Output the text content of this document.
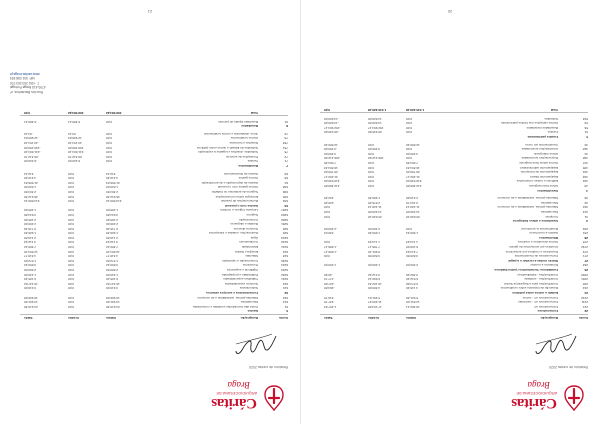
Cáritas
ARQUIDIOCESANA DE
Braga
Relatório de contas 2020
Conta
Designação
Débito
Crédito
Saldo
22
Fornecedores
221
Fornecedores c/c
18 362,41
17 104,88
1 257,53
2211
Fornecedores c/c - nacionais
12 841,05
11 903,27
937,78
2212
Fornecedores c/c - outros
5 521,36
5 201,61
319,75
24
Estado e outros entes públicos
242
Retenção de impostos sobre rendimentos
4 115,20
4 380,00
-264,80
245
Contribuições para a Segurança Social
9 874,66
10 102,34
-227,68
2451
Contribuições - entidade
6 512,40
6 690,12
-177,72
2452
Contribuições - trabalhadores
3 362,26
3 412,22
-49,96
26
Fundadores / beneméritos / patrocinadores
263
Donativos a receber
2 450,00
1 200,00
1 250,00
27
Outras contas a receber e a pagar
271
Fornecedores de investimentos
3 820,50
3 820,50
0,00
272
Devedores e credores por acréscimos
7 214,93
8 901,10
-1 686,17
2722
Credores por acréscimos de gastos
6 100,00
7 786,17
-1 686,17
278
Outros devedores e credores
1 114,93
1 114,93
0,00
28
Diferimentos
281
Gastos a reconhecer
1 980,24
1 650,20
330,04
282
Rendimentos a reconhecer
0,00
2 400,00
-2 400,00
3
Inventários e ativos biológicos
31
Compras
25 640,18
25 640,18
0,00
312
Mercadorias
14 220,05
14 220,05
0,00
316
Matérias-primas, subsidiárias e de consumo
11 420,13
11 420,13
0,00
32
Mercadorias
3 104,70
2 876,45
228,25
36
Matérias-primas, subsidiárias e de consumo
2 210,60
1 988,30
222,30
4
Investimentos
43
Ativos fixos tangíveis
412 360,85
0,00
412 360,85
432
Edifícios e outras construções
318 540,00
0,00
318 540,00
433
Equipamento básico
41 202,17
0,00
41 202,17
434
Equipamento de transporte
28 750,00
0,00
28 750,00
435
Equipamento administrativo
16 804,33
0,00
16 804,33
437
Outros ativos fixos tangíveis
7 064,35
0,00
7 064,35
438
Depreciações acumuladas
0,00
186 412,90
-186 412,90
44
Ativos intangíveis
3 450,00
0,00
3 450,00
448
Amortizações acumuladas
0,00
3 450,00
-3 450,00
45
Investimentos em curso
12 880,40
0,00
12 880,40
5
Fundos patrimoniais
51
Fundos
0,00
98 245,60
-98 245,60
56
Resultados transitados
0,00
152 904,17
-152 904,17
59
Outras variações nos fundos patrimoniais
0,00
14 620,00
-14 620,00
593
Subsídios
0,00
14 620,00
-14 620,00
Total
1 045 220,18
1 045 220,18
0,00
20
Cáritas
ARQUIDIOCESANA DE
Braga
Relatório de contas 2020
Conta
Designação
Débito
Crédito
Saldo
6
Gastos
61
Custo das mercadorias vendidas e consumidas
24 918,38
0,00
24 918,38
612
Mercadorias
13 991,80
0,00
13 991,80
616
Matérias-primas, subsidiárias e de consumo
10 926,58
0,00
10 926,58
62
Fornecimentos e serviços externos
621
Subcontratos
3 210,00
0,00
3 210,00
622
Serviços especializados
18 447,62
0,00
18 447,62
6221
Trabalhos especializados
9 105,40
0,00
9 105,40
6222
Publicidade e propaganda
1 240,00
0,00
1 240,00
6223
Vigilância e segurança
2 880,00
0,00
2 880,00
6224
Honorários
3 650,22
0,00
3 650,22
6226
Conservação e reparação
1 572,00
0,00
1 572,00
623
Materiais
4 318,77
0,00
4 318,77
624
Energia e fluidos
12 604,15
0,00
12 604,15
6241
Eletricidade
7 380,42
0,00
7 380,42
6242
Combustíveis
3 112,93
0,00
3 112,93
6243
Água
2 110,80
0,00
2 110,80
625
Deslocações, estadas e transportes
1 926,30
0,00
1 926,30
626
Serviços diversos
9 715,46
0,00
9 715,46
6261
Rendas e alugueres
2 400,00
0,00
2 400,00
6262
Comunicação
2 185,60
0,00
2 185,60
6263
Seguros
3 644,86
0,00
3 644,86
6267
Limpeza, higiene e conforto
1 485,00
0,00
1 485,00
63
Gastos com o pessoal
632
Remunerações do pessoal
214 880,12
0,00
214 880,12
635
Encargos sobre remunerações
46 912,35
0,00
46 912,35
636
Seguros de acidentes no trabalho
2 304,50
0,00
2 304,50
638
Outros gastos com o pessoal
1 820,00
0,00
1 820,00
64
Gastos de depreciação e de amortização
21 506,84
0,00
21 506,84
68
Outros gastos
4 210,30
0,00
4 210,30
69
Gastos de financiamento
312,44
0,00
312,44
7
Rendimentos
71
Vendas
0,00
6 420,00
-6 420,00
72
Prestações de serviços
0,00
88 312,70
-88 312,70
75
Subsídios, doações e legados à exploração
0,00
241 604,18
-241 604,18
751
Subsídios do Estado e outros entes públicos
0,00
198 450,00
-198 450,00
753
Doações e heranças
0,00
43 154,18
-43 154,18
78
Outros rendimentos
0,00
12 980,64
-12 980,64
79
Juros, dividendos e outros rendimentos
0,00
84,12
-84,12
8
Resultados
81
Resultado líquido do período
0,00
5 380,41
-5 380,41
Total
409 584,22
409 584,22
0,00
Rua dos Biscaínhos, nº
4700-415 Braga Portugal
T. +351 253 203 370
NIF: 501 098 593
www.caritas-braga.pt
21
